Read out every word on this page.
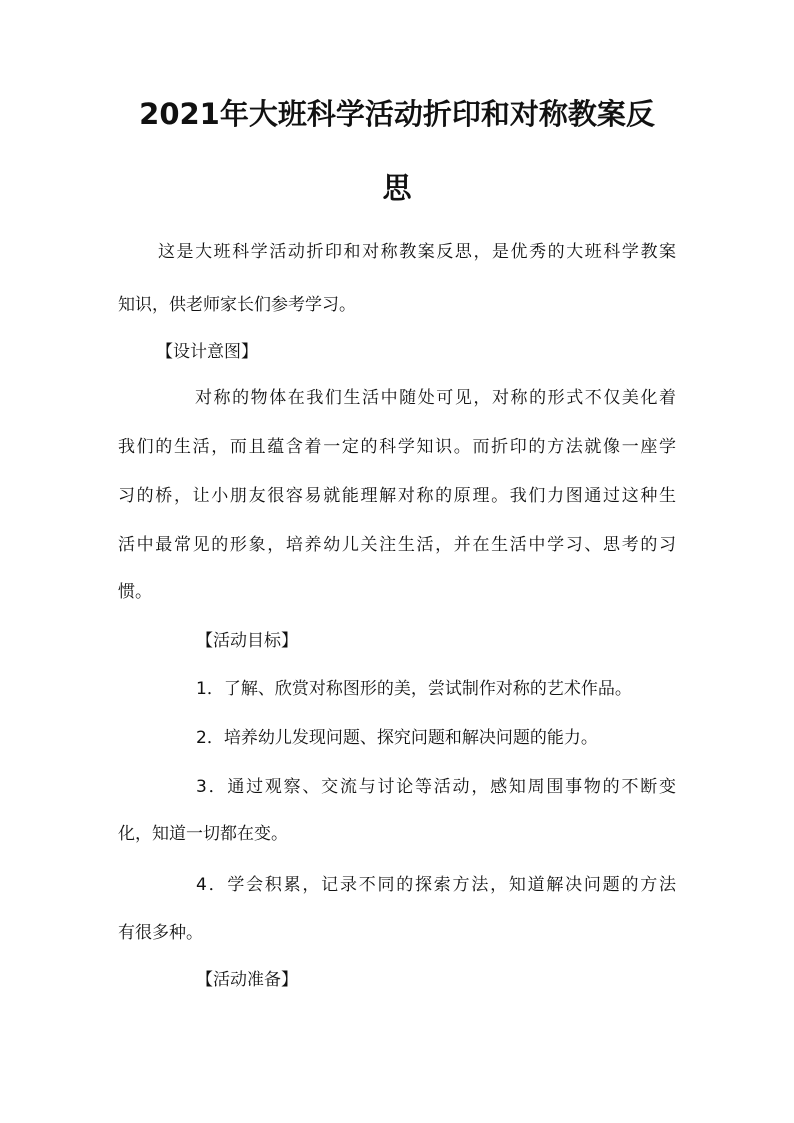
2021年大班科学活动折印和对称教案反
思
这是大班科学活动折印和对称教案反思，是优秀的大班科学教案
知识，供老师家长们参考学习。
【设计意图】
对称的物体在我们生活中随处可见，对称的形式不仅美化着
我们的生活，而且蕴含着一定的科学知识。而折印的方法就像一座学
习的桥，让小朋友很容易就能理解对称的原理。我们力图通过这种生
活中最常见的形象，培养幼儿关注生活，并在生活中学习、思考的习
惯。
【活动目标】
1．了解、欣赏对称图形的美，尝试制作对称的艺术作品。
2．培养幼儿发现问题、探究问题和解决问题的能力。
3．通过观察、交流与讨论等活动，感知周围事物的不断变
化，知道一切都在变。
4．学会积累，记录不同的探索方法，知道解决问题的方法
有很多种。
【活动准备】
